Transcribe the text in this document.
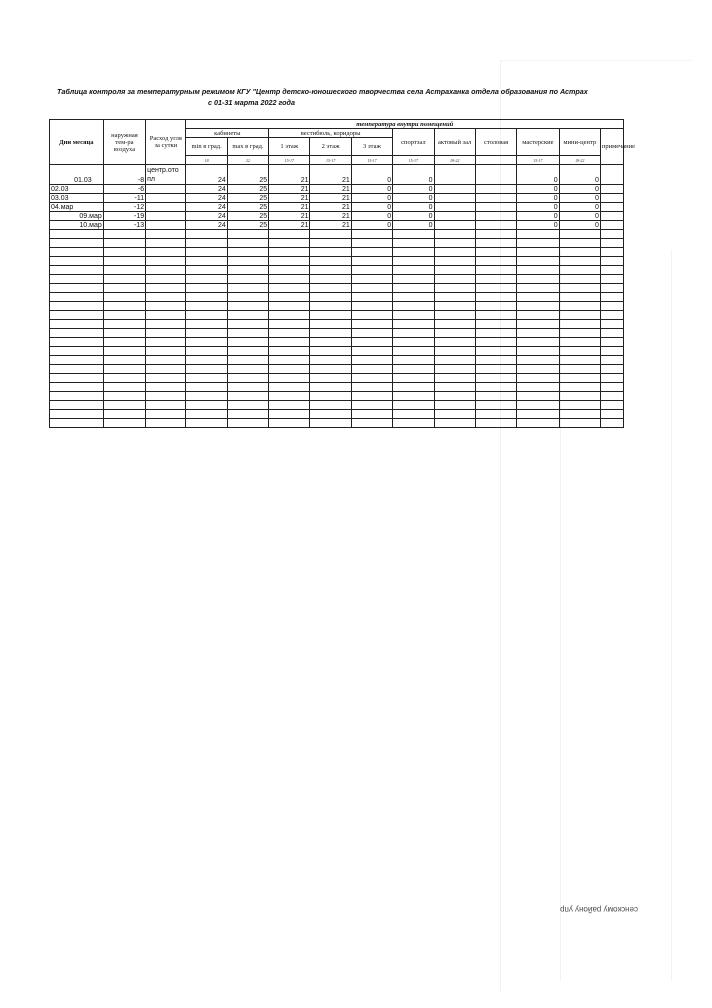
сенскому району упр
Таблица контроля за температурным режимом КГУ "Центр детско-юношеского творчества села Астраханка отдела образования по Астрах
с 01-31 марта 2022 года
Дни месяца	наружная тем-ра воздуха	Расход угля за сутки	температура внутри помещений										
			кабинеты		вестибюль, коридоры			спортзал	актовый зал	столовая	мастерские	мини-центр	примечание
			min в град.	max в град.	1 этаж	2 этаж	3 этаж						
			18	22	15-17	15-17	15-17	15-17	18-22		15-17	18-22	
01.03	-8	центр.ото пл	24	25	21	21	0	0			0	0	
02.03	-6		24	25	21	21	0	0			0	0	
03.03	-11		24	25	21	21	0	0			0	0	
04.мар	-12		24	25	21	21	0	0			0	0	
09.мар	-19		24	25	21	21	0	0			0	0	
10.мар	-13		24	25	21	21	0	0			0	0	
